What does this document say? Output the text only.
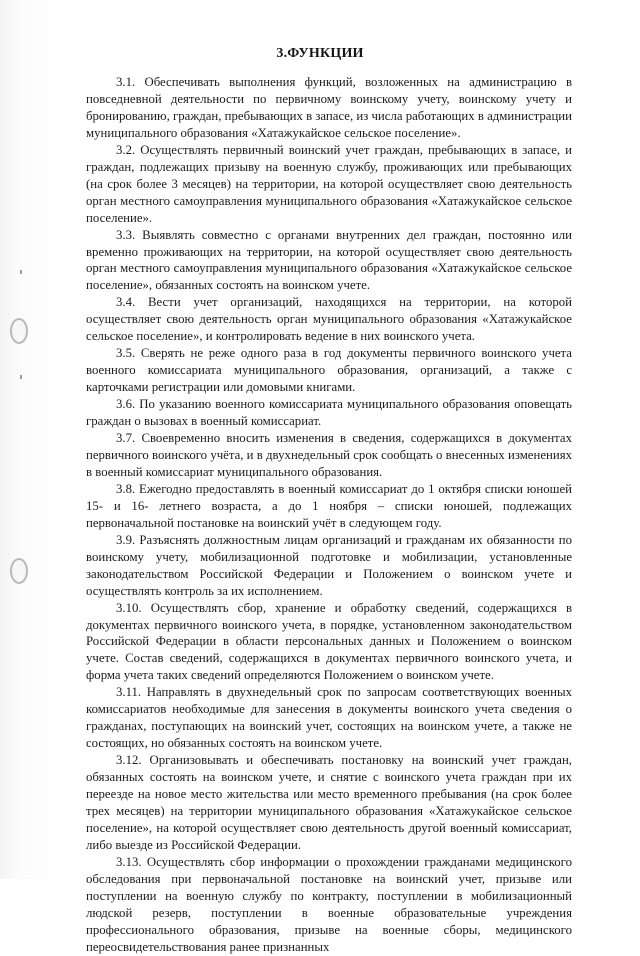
3.ФУНКЦИИ

3.1. Обеспечивать выполнения функций, возложенных на администрацию в повседневной деятельности по первичному воинскому учету, воинскому учету и бронированию, граждан, пребывающих в запасе, из числа работающих в администрации муниципального образования «Хатажукайское сельское поселение».

3.2. Осуществлять первичный воинский учет граждан, пребывающих в запасе, и граждан, подлежащих призыву на военную службу, проживающих или пребывающих (на срок более 3 месяцев) на территории, на которой осуществляет свою деятельность орган местного самоуправления муниципального образования «Хатажукайское сельское поселение».

3.3. Выявлять совместно с органами внутренних дел граждан, постоянно или временно проживающих на территории, на которой осуществляет свою деятельность орган местного самоуправления муниципального образования «Хатажукайское сельское поселение», обязанных состоять на воинском учете.

3.4. Вести учет организаций, находящихся на территории, на которой осуществляет свою деятельность орган муниципального образования «Хатажукайское сельское поселение», и контролировать ведение в них воинского учета.

3.5. Сверять не реже одного раза в год документы первичного воинского учета военного комиссариата муниципального образования, организаций, а также с карточками регистрации или домовыми книгами.

3.6. По указанию военного комиссариата муниципального образования оповещать граждан о вызовах в военный комиссариат.

3.7. Своевременно вносить изменения в сведения, содержащихся в документах первичного воинского учёта, и в двухнедельный срок сообщать о внесенных изменениях в военный комиссариат муниципального образования.

3.8. Ежегодно предоставлять в военный комиссариат до 1 октября списки юношей 15- и 16- летнего возраста, а до 1 ноября – списки юношей, подлежащих первоначальной постановке на воинский учёт в следующем году.

3.9. Разъяснять должностным лицам организаций и гражданам их обязанности по воинскому учету, мобилизационной подготовке и мобилизации, установленные законодательством Российской Федерации и Положением о воинском учете и осуществлять контроль за их исполнением.

3.10. Осуществлять сбор, хранение и обработку сведений, содержащихся в документах первичного воинского учета, в порядке, установленном законодательством Российской Федерации в области персональных данных и Положением о воинском учете. Состав сведений, содержащихся в документах первичного воинского учета, и форма учета таких сведений определяются Положением о воинском учете.

3.11. Направлять в двухнедельный срок по запросам соответствующих военных комиссариатов необходимые для занесения в документы воинского учета сведения о гражданах, поступающих на воинский учет, состоящих на воинском учете, а также не состоящих, но обязанных состоять на воинском учете.

3.12. Организовывать и обеспечивать постановку на воинский учет граждан, обязанных состоять на воинском учете, и снятие с воинского учета граждан при их переезде на новое место жительства или место временного пребывания (на срок более трех месяцев) на территории муниципального образования «Хатажукайское сельское поселение», на которой осуществляет свою деятельность другой военный комиссариат, либо выезде из Российской Федерации.

3.13. Осуществлять сбор информации о прохождении гражданами медицинского обследования при первоначальной постановке на воинский учет, призыве или поступлении на военную службу по контракту, поступлении в мобилизационный людской резерв, поступлении в военные образовательные учреждения профессионального образования, призыве на военные сборы, медицинского переосвидетельствования ранее признанных
